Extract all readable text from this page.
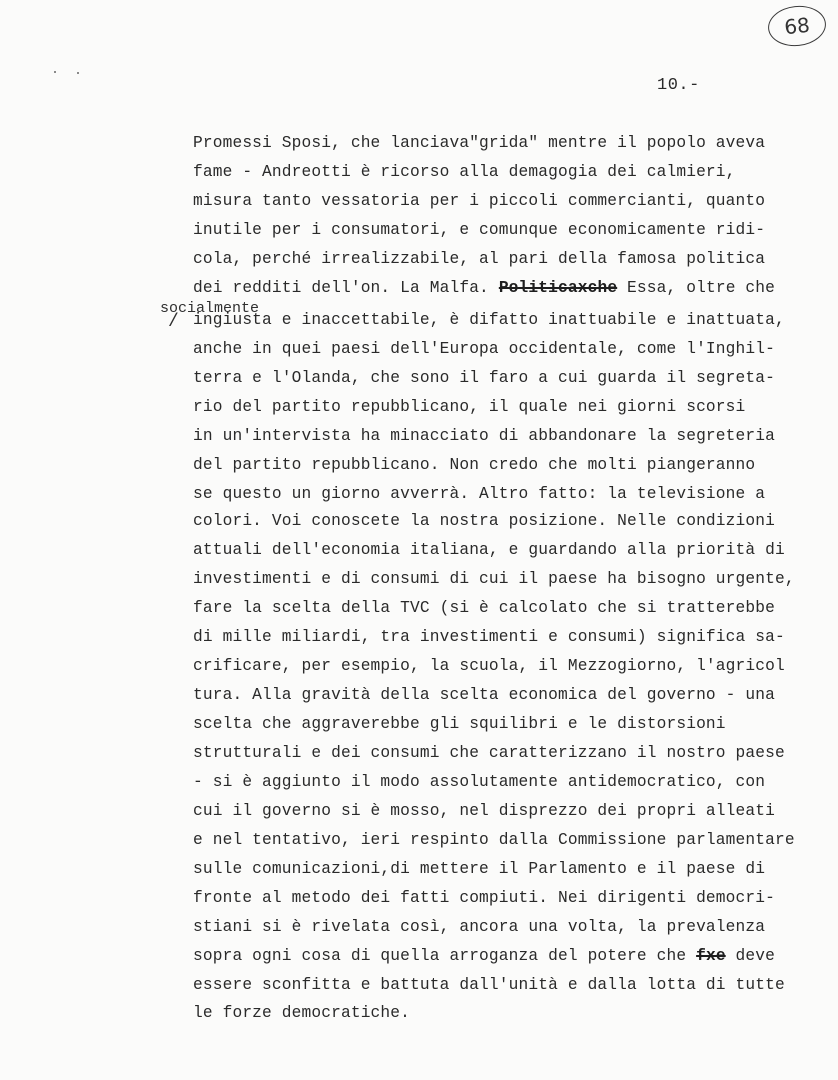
68
10.-
socialmente
/
Promessi Sposi, che lanciava"grida" mentre il popolo aveva
fame - Andreotti è ricorso alla demagogia dei calmieri,
misura tanto vessatoria per i piccoli commercianti, quanto
inutile per i consumatori, e comunque economicamente ridi-
cola, perché irrealizzabile, al pari della famosa politica
dei redditi dell'on. La Malfa. Politicaxche Essa, oltre che
ingiusta e inaccettabile, è difatto inattuabile e inattuata,
anche in quei paesi dell'Europa occidentale, come l'Inghil-
terra e l'Olanda, che sono il faro a cui guarda il segreta-
rio del partito repubblicano, il quale nei giorni scorsi
in un'intervista ha minacciato di abbandonare la segreteria
del partito repubblicano. Non credo che molti piangeranno
se questo un giorno avverrà. Altro fatto: la televisione a
colori. Voi conoscete la nostra posizione. Nelle condizioni
attuali dell'economia italiana, e guardando alla priorità di
investimenti e di consumi di cui il paese ha bisogno urgente,
fare la scelta della TVC (si è calcolato che si tratterebbe
di mille miliardi, tra investimenti e consumi) significa sa-
crificare, per esempio, la scuola, il Mezzogiorno, l'agricol
tura. Alla gravità della scelta economica del governo - una
scelta che aggraverebbe gli squilibri e le distorsioni
strutturali e dei consumi che caratterizzano il nostro paese
- si è aggiunto il modo assolutamente antidemocratico, con
cui il governo si è mosso, nel disprezzo dei propri alleati
e nel tentativo, ieri respinto dalla Commissione parlamentare
sulle comunicazioni,di mettere il Parlamento e il paese di
fronte al metodo dei fatti compiuti. Nei dirigenti democri-
stiani si è rivelata così, ancora una volta, la prevalenza
sopra ogni cosa di quella arroganza del potere che fxe deve
essere sconfitta e battuta dall'unità e dalla lotta di tutte
le forze democratiche.
